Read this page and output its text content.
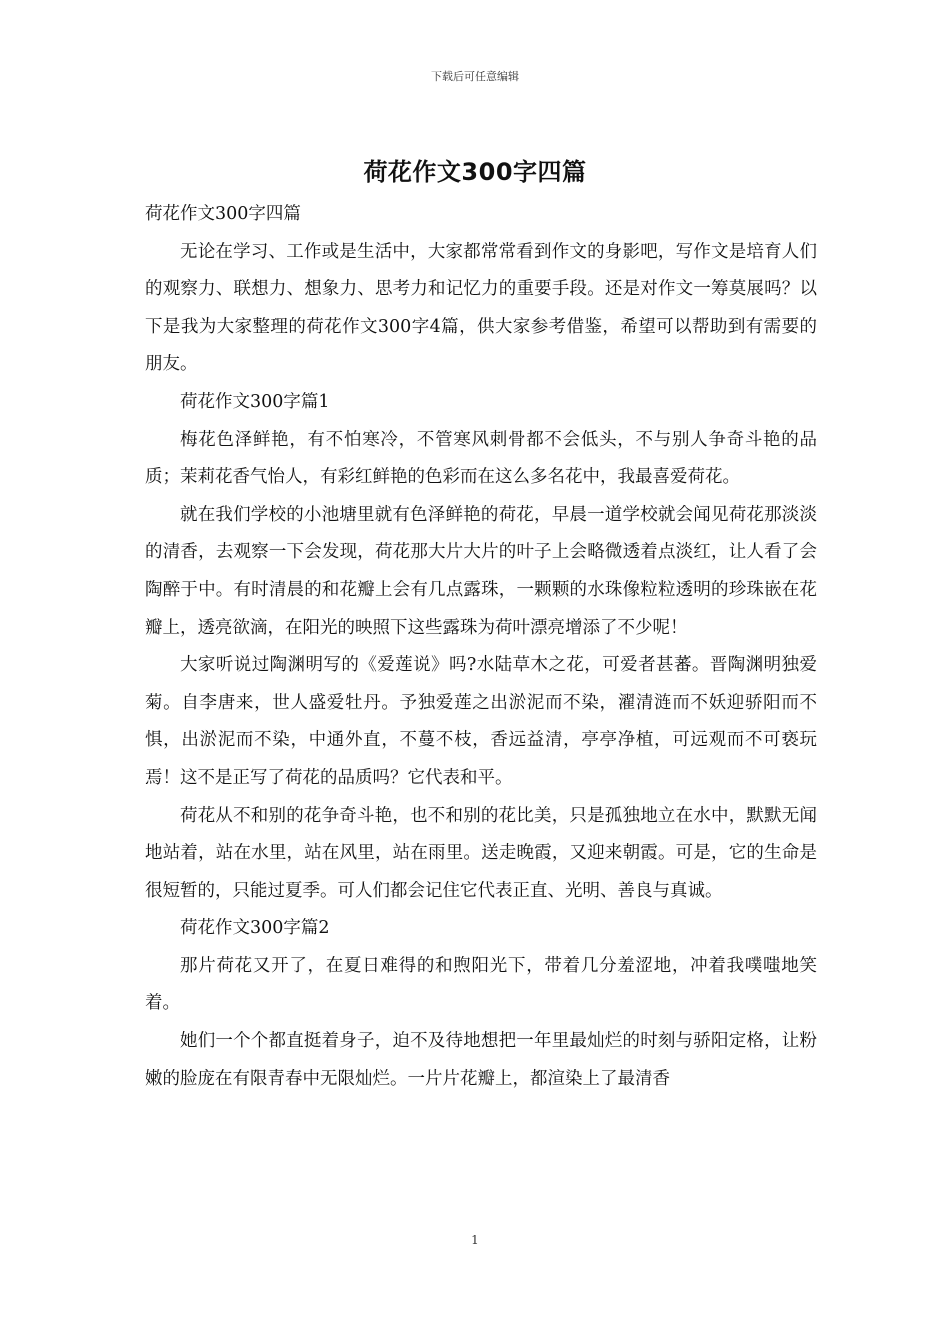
下载后可任意编辑
荷花作文300字四篇

荷花作文300字四篇

无论在学习、工作或是生活中，大家都常常看到作文的身影吧，写作文是培育人们的观察力、联想力、想象力、思考力和记忆力的重要手段。还是对作文一筹莫展吗？以下是我为大家整理的荷花作文300字4篇，供大家参考借鉴，希望可以帮助到有需要的朋友。

荷花作文300字篇1

梅花色泽鲜艳，有不怕寒冷，不管寒风刺骨都不会低头，不与别人争奇斗艳的品质；茉莉花香气怡人，有彩红鲜艳的色彩而在这么多名花中，我最喜爱荷花。

就在我们学校的小池塘里就有色泽鲜艳的荷花，早晨一道学校就会闻见荷花那淡淡的清香，去观察一下会发现，荷花那大片大片的叶子上会略微透着点淡红，让人看了会陶醉于中。有时清晨的和花瓣上会有几点露珠，一颗颗的水珠像粒粒透明的珍珠嵌在花瓣上，透亮欲滴，在阳光的映照下这些露珠为荷叶漂亮增添了不少呢！

大家听说过陶渊明写的《爱莲说》吗?水陆草木之花，可爱者甚蕃。晋陶渊明独爱菊。自李唐来，世人盛爱牡丹。予独爱莲之出淤泥而不染，濯清涟而不妖迎骄阳而不惧，出淤泥而不染，中通外直，不蔓不枝，香远益清，亭亭净植，可远观而不可亵玩焉！这不是正写了荷花的品质吗？它代表和平。

荷花从不和别的花争奇斗艳，也不和别的花比美，只是孤独地立在水中，默默无闻地站着，站在水里，站在风里，站在雨里。送走晚霞，又迎来朝霞。可是，它的生命是很短暂的，只能过夏季。可人们都会记住它代表正直、光明、善良与真诚。

荷花作文300字篇2

那片荷花又开了，在夏日难得的和煦阳光下，带着几分羞涩地，冲着我噗嗤地笑着。

她们一个个都直挺着身子，迫不及待地想把一年里最灿烂的时刻与骄阳定格，让粉嫩的脸庞在有限青春中无限灿烂。一片片花瓣上，都渲染上了最清香

1
